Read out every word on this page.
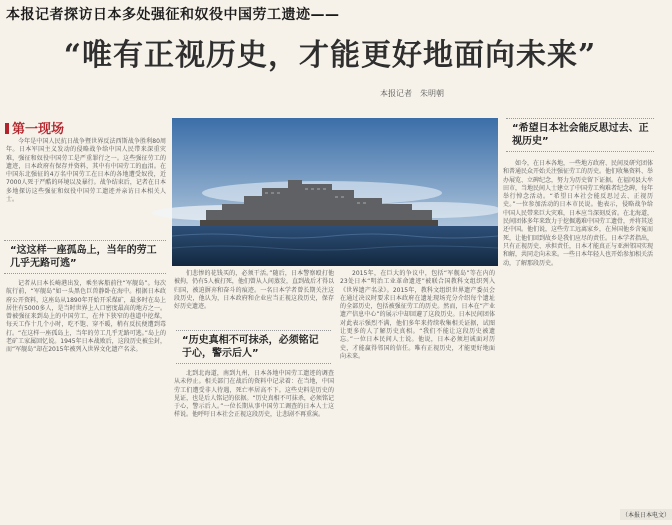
本报记者探访日本多处强征和奴役中国劳工遗迹——
“唯有正视历史，才能更好地面向未来”
本报记者　朱明朝
第一现场

今年是中国人民抗日战争暨世界反法西斯战争胜利80周年。日本军国主义发动的侵略战争给中国人民带来深重灾难，强征和奴役中国劳工是严重罪行之一。这些强征劳工的遗迹，日本政府有保存并资料，其中有中国劳工的血泪。在中国东北强征的4万名中国劳工在日本的各地遭受奴役，近7000人死于严酷的环境以及暴行。战争结束后，记者在日本多地探访这些强征和奴役中国劳工遗迹并亲访日本相关人士。

“这这样一座孤岛上，当年的劳工几乎无路可逃”

记者从日本长崎港出发，乘坐客船前往“军舰岛”。每次航行前，“军舰岛”如一头黑色巨兽静卧在海中。根据日本政府公开资料，这座岛从1890年开始开采煤矿，最多时在岛上居住有5000多人，是当时世界上人口密度最高的地方之一。曾被强征来到岛上的中国劳工，在井下狭窄的巷道中挖煤，每天工作十几个小时，吃不饱、穿不暖，稍有反抗便遭到毒打。“在这样一座孤岛上，当年的劳工几乎无路可逃。”岛上的老矿工家属回忆说。1945年日本战败后，这段历史被尘封，而“军舰岛”却在2015年被列入世界文化遗产名录。

们悲惨的花钱买的，必须干活。”随后，日本警察殴打他被拘，仍有5人被打死，他们曾从人间蒸发，直到战后才得以归国，被迫摒弃和奋斗的痕迹。一名日本学者曾长期关注这段历史，他认为，日本政府和企业应当正视这段历史，保存好历史遗迹。

“历史真相不可抹杀，必须铭记于心，警示后人”

北到北海道，南到九州，日本各地中国劳工遗迹的调查从未停止。相关部门在战后的资料中记录着：在当地，中国劳工们遭受非人待遇，死亡率居高不下。这些史料是历史的见证，也是后人铭记的依据。“历史真相不可抹杀，必须铭记于心，警示后人。”一位长期从事中国劳工调查的日本人士这样说。他呼吁日本社会正视这段历史，让悲剧不再重演。

2015年，在巨大的争议中，包括“军舰岛”等在内的23处日本“明治工业革命遗迹”被联合国教科文组织列入《世界遗产名录》。2015年，教科文组织世界遗产委员会在通过决议时要求日本政府在遗址现场充分介绍每个遗址的全部历史，包括被强征劳工的历史。然而，日本在“产业遗产信息中心”的展示中却回避了这段历史。日本民间团体对此表示强烈不满，他们多年来持续收集相关证据，试图让更多的人了解历史真相。“我们不能让这段历史被遗忘。”一位日本民间人士说。他说，日本必须坦诚面对历史，才能赢得邻国的信任。唯有正视历史，才能更好地面向未来。

“希望日本社会能反思过去、正视历史”

如今，在日本各地，一些地方政府、民间及研究团体和普通民众开始关注强征劳工的历史。他们收集资料、举办展览、立碑纪念，努力为历史留下证据。在福冈县大牟田市，当地民间人士建立了中国劳工殉难者纪念碑，每年举行悼念活动。“希望日本社会能反思过去、正视历史。”一位参加活动的日本市民说。他表示，侵略战争给中国人民带来巨大灾难，日本应当深刻反省。在北海道，民间团体多年来致力于挖掘遇难中国劳工遗骨，并将其送还中国。他们说，这些劳工远离家乡，在异国他乡含冤而死，让他们回到故乡是我们应尽的责任。日本学者指出，只有正视历史、承担责任，日本才能真正与亚洲邻国实现和解，共同走向未来。一些日本年轻人也开始参加相关活动，了解那段历史。

（本报日本电文）
